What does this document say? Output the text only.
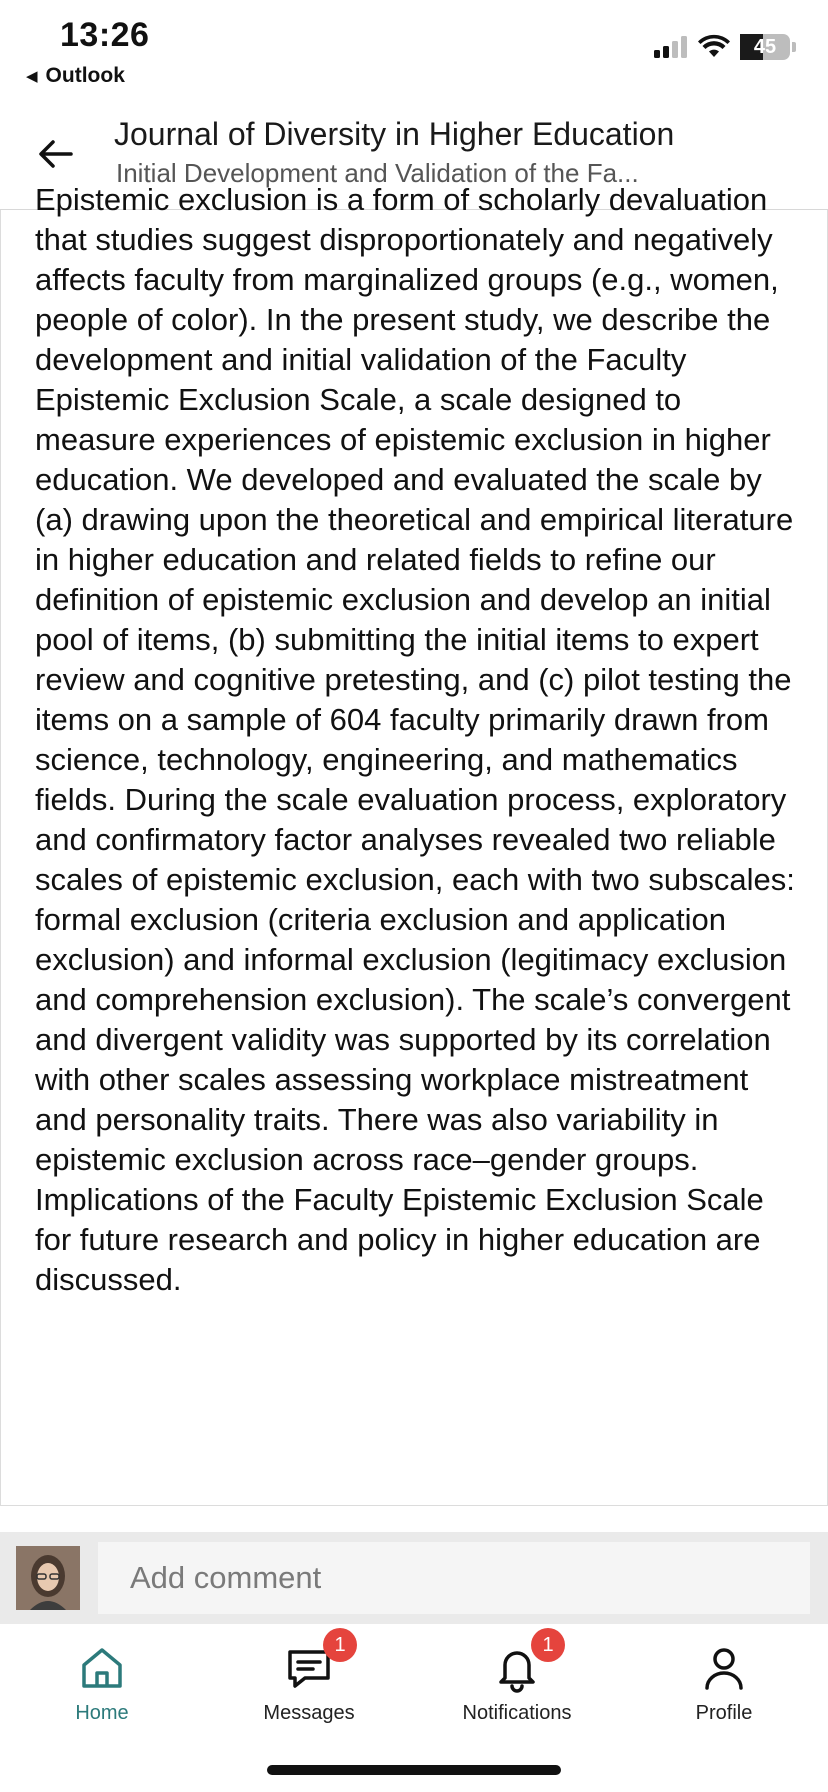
13:26
◀ Outlook
45
Journal of Diversity in Higher Education
Initial Development and Validation of the Fa...

Epistemic exclusion is a form of scholarly devaluation that studies suggest disproportionately and negatively affects faculty from marginalized groups (e.g., women, people of color). In the present study, we describe the development and initial validation of the Faculty Epistemic Exclusion Scale, a scale designed to measure experiences of epistemic exclusion in higher education. We developed and evaluated the scale by (a) drawing upon the theoretical and empirical literature in higher education and related fields to refine our definition of epistemic exclusion and develop an initial pool of items, (b) submitting the initial items to expert review and cognitive pretesting, and (c) pilot testing the items on a sample of 604 faculty primarily drawn from science, technology, engineering, and mathematics fields. During the scale evaluation process, exploratory and confirmatory factor analyses revealed two reliable scales of epistemic exclusion, each with two subscales: formal exclusion (criteria exclusion and application exclusion) and informal exclusion (legitimacy exclusion and comprehension exclusion). The scale’s convergent and divergent validity was supported by its correlation with other scales assessing workplace mistreatment and personality traits. There was also variability in epistemic exclusion across race–gender groups. Implications of the Faculty Epistemic Exclusion Scale for future research and policy in higher education are discussed.

Add comment
Home
1
Messages
1
Notifications	Profile
